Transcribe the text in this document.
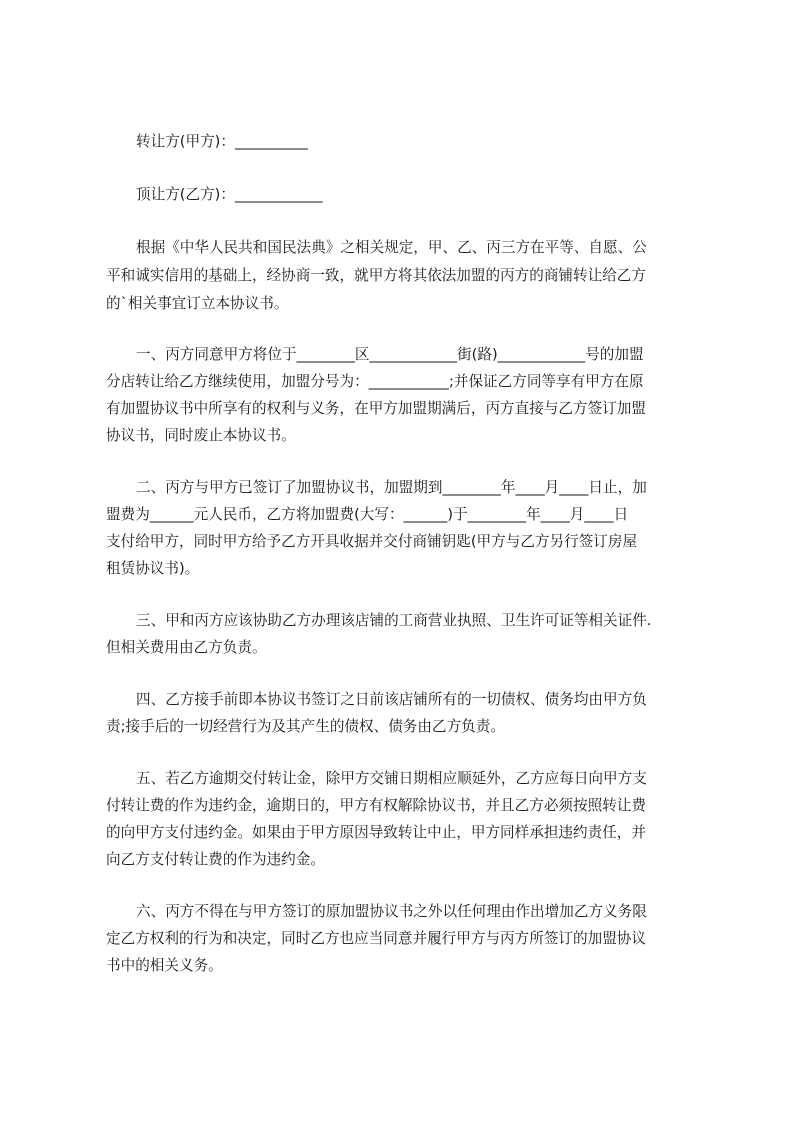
转让方(甲方)：__________
顶让方(乙方)：____________
根据《中华人民共和国民法典》之相关规定，甲、乙、丙三方在平等、自愿、公
平和诚实信用的基础上，经协商一致，就甲方将其依法加盟的丙方的商铺转让给乙方
的`相关事宜订立本协议书。
一、丙方同意甲方将位于________区____________街(路)____________号的加盟
分店转让给乙方继续使用，加盟分号为：___________;并保证乙方同等享有甲方在原
有加盟协议书中所享有的权利与义务，在甲方加盟期满后，丙方直接与乙方签订加盟
协议书，同时废止本协议书。
二、丙方与甲方已签订了加盟协议书，加盟期到________年____月____日止，加
盟费为______元人民币，乙方将加盟费(大写：______)于________年____月____日
支付给甲方，同时甲方给予乙方开具收据并交付商铺钥匙(甲方与乙方另行签订房屋
租赁协议书)。
三、甲和丙方应该协助乙方办理该店铺的工商营业执照、卫生许可证等相关证件.
但相关费用由乙方负责。
四、乙方接手前即本协议书签订之日前该店铺所有的一切债权、债务均由甲方负
责;接手后的一切经营行为及其产生的债权、债务由乙方负责。
五、若乙方逾期交付转让金，除甲方交铺日期相应顺延外，乙方应每日向甲方支
付转让费的作为违约金，逾期日的，甲方有权解除协议书，并且乙方必须按照转让费
的向甲方支付违约金。如果由于甲方原因导致转让中止，甲方同样承担违约责任，并
向乙方支付转让费的作为违约金。
六、丙方不得在与甲方签订的原加盟协议书之外以任何理由作出增加乙方义务限
定乙方权利的行为和决定，同时乙方也应当同意并履行甲方与丙方所签订的加盟协议
书中的相关义务。
